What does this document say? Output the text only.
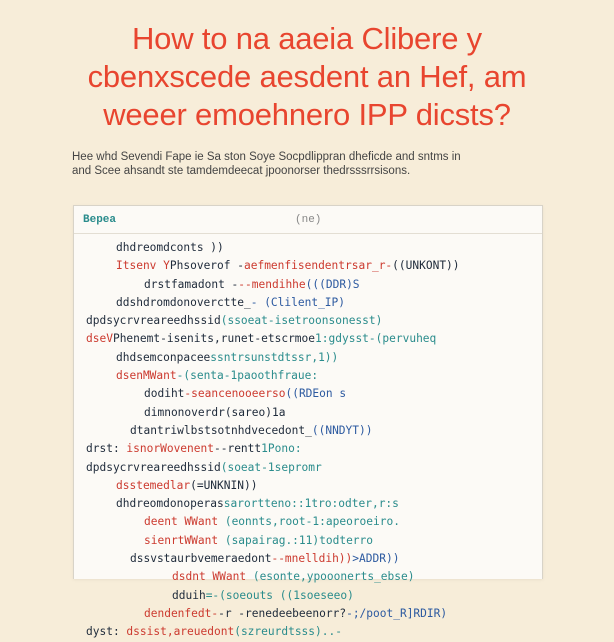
How to na aaeia Clibere y
cbenxscede aesdent an Hef, am
weeer emoehnero IPP dicsts?
Hee whd Sevendi Fape ie Sa ston Soye Socpdlippran dheficde and sntms in
and Scee ahsandt ste tamdemdeecat jpoonorser thedrsssrrsisons.
Bepea	(ne)
dhdreomdconts ))
Itsenv YPhsoverof -aefmenfisendentrsar_r-((UNKONT))
drstfamadont ---mendihhe(((DDR)S
ddshdromdonoverctte_- (Clilent_IP)
dpdsycrvreareedhssid(ssoeat-isetroonsonesst)
dseVPhenemt-isenits,runet-etscrmoe1:gdysst-(pervuheq
dhdsemconpaceessntrsunstdtssr,1))
dsenMWant-(senta-1paoothfraue:
dodiht-seancenooeerso((RDEon s
dimnonoverdr(sareo)1a
dtantriwlbstsotnhdvecedont_((NNDYT))
drst: isnorWovenent--rentt1Pono:
dpdsycrvreareedhssid(soeat-1sepromr
dsstemedlar(=UNKNIN))
dhdreomdonoperassarortteno::1tro:odter,r:s
deent WWant (eonnts,root-1:apeoroeiro.
sienrtWWant (sapairag.:11)todterro
dssvstaurbvemeraedont--mnelldih))>ADDR))
dsdnt WWant (esonte,ypooonerts_ebse)
dduih=-(soeouts ((1soeseeo)
dendenfedt--r -renedeebeenorr?-;/poot_R]RDIR)
dyst: dssist,areuedont(szreurdtsss)..-
